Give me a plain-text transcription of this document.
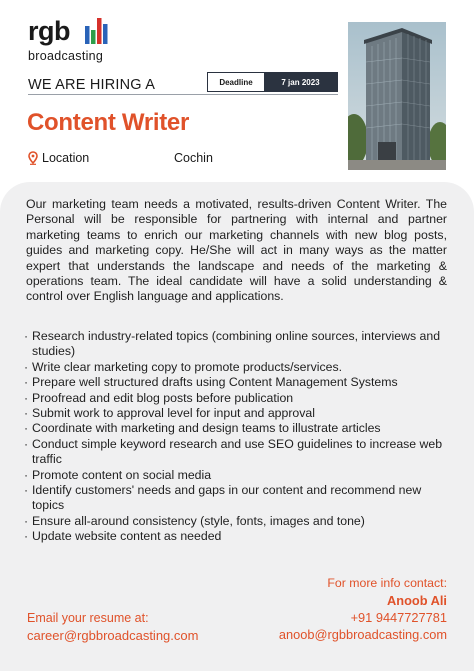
rgb
broadcasting
WE ARE HIRING A	Deadline	7 jan 2023
Content Writer
Location	Cochin

Our marketing team needs a motivated, results-driven Content Writer. The Personal will be responsible for partnering with internal and partner marketing teams to enrich our marketing channels with new blog posts, guides and marketing copy. He/She will act in many ways as the matter expert that understands the landscape and needs of the marketing & operations team. The ideal candidate will have a solid understanding & control over English language and applications.

· Research industry-related topics (combining online sources, interviews and studies)
· Write clear marketing copy to promote products/services.
· Prepare well structured drafts using Content Management Systems
· Proofread and edit blog posts before publication
· Submit work to approval level for input and approval
· Coordinate with marketing and design teams to illustrate articles
· Conduct simple keyword research and use SEO guidelines to increase web traffic
· Promote content on social media
· Identify customers' needs and gaps in our content and recommend new topics
· Ensure all-around consistency (style, fonts, images and tone)
· Update website content as needed
Email your resume at:
career@rgbbroadcasting.com
For more info contact:
Anoob Ali
+91 9447727781
anoob@rgbbroadcasting.com
